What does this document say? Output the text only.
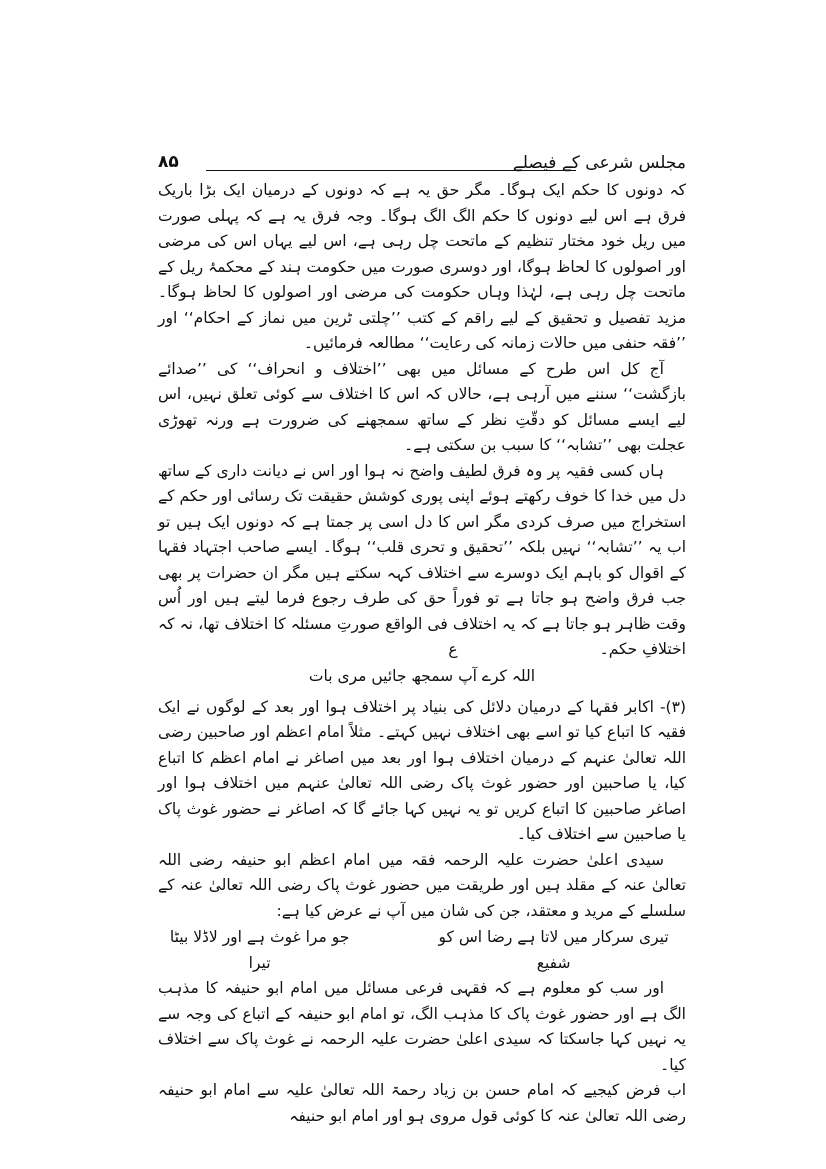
مجلس شرعی کے فیصلے
۸۵

کہ دونوں کا حکم ایک ہوگا۔ مگر حق یہ ہے کہ دونوں کے درمیان ایک بڑا باریک فرق ہے اس لیے دونوں کا حکم الگ الگ ہوگا۔ وجہ فرق یہ ہے کہ پہلی صورت میں ریل خود مختار تنظیم کے ماتحت چل رہی ہے، اس لیے یہاں اس کی مرضی اور اصولوں کا لحاظ ہوگا، اور دوسری صورت میں حکومت ہند کے محکمۂ ریل کے ماتحت چل رہی ہے، لہٰذا وہاں حکومت کی مرضی اور اصولوں کا لحاظ ہوگا۔ مزید تفصیل و تحقیق کے لیے راقم کے کتب ’’چلتی ٹرین میں نماز کے احکام‘‘ اور ’’فقہ حنفی میں حالات زمانہ کی رعایت‘‘ مطالعہ فرمائیں۔

آج کل اس طرح کے مسائل میں بھی ’’اختلاف و انحراف‘‘ کی ’’صدائے بازگشت‘‘ سننے میں آرہی ہے، حالاں کہ اس کا اختلاف سے کوئی تعلق نہیں، اس لیے ایسے مسائل کو دقّتِ نظر کے ساتھ سمجھنے کی ضرورت ہے ورنہ تھوڑی عجلت بھی ’’تشابہ‘‘ کا سبب بن سکتی ہے۔

ہاں کسی فقیہ پر وہ فرق لطیف واضح نہ ہوا اور اس نے دیانت داری کے ساتھ دل میں خدا کا خوف رکھتے ہوئے اپنی پوری کوشش حقیقت تک رسائی اور حکم کے استخراج میں صرف کردی مگر اس کا دل اسی پر جمتا ہے کہ دونوں ایک ہیں تو اب یہ ’’تشابہ‘‘ نہیں بلکہ ’’تحقیق و تحری قلب‘‘ ہوگا۔ ایسے صاحب اجتہاد فقہا کے اقوال کو باہم ایک دوسرے سے اختلاف کہہ سکتے ہیں مگر ان حضرات پر بھی جب فرق واضح ہو جاتا ہے تو فوراً حق کی طرف رجوع فرما لیتے ہیں اور اُس وقت ظاہر ہو جاتا ہے کہ یہ اختلاف فی الواقع صورتِ مسئلہ کا اختلاف تھا، نہ کہ اختلافِ حکم۔ع

اللہ کرے آپ سمجھ جائیں مری بات

(۳)- اکابر فقہا کے درمیان دلائل کی بنیاد پر اختلاف ہوا اور بعد کے لوگوں نے ایک فقیہ کا اتباع کیا تو اسے بھی اختلاف نہیں کہتے۔ مثلاً امام اعظم اور صاحبین رضی اللہ تعالیٰ عنہم کے درمیان اختلاف ہوا اور بعد میں اصاغر نے امام اعظم کا اتباع کیا، یا صاحبین اور حضور غوث پاک رضی اللہ تعالیٰ عنہم میں اختلاف ہوا اور اصاغر صاحبین کا اتباع کریں تو یہ نہیں کہا جائے گا کہ اصاغر نے حضور غوث پاک یا صاحبین سے اختلاف کیا۔

سیدی اعلیٰ حضرت علیہ الرحمہ فقہ میں امام اعظم ابو حنیفہ رضی اللہ تعالیٰ عنہ کے مقلد ہیں اور طریقت میں حضور غوث پاک رضی اللہ تعالیٰ عنہ کے سلسلے کے مرید و معتقد، جن کی شان میں آپ نے عرض کیا ہے:

تیری سرکار میں لاتا ہے رضا اس کو شفیع
جو مرا غوث ہے اور لاڈلا بیٹا تیرا

اور سب کو معلوم ہے کہ فقہی فرعی مسائل میں امام ابو حنیفہ کا مذہب الگ ہے اور حضور غوث پاک کا مذہب الگ، تو امام ابو حنیفہ کے اتباع کی وجہ سے یہ نہیں کہا جاسکتا کہ سیدی اعلیٰ حضرت علیہ الرحمہ نے غوث پاک سے اختلاف کیا۔

اب فرض کیجیے کہ امام حسن بن زیاد رحمۃ اللہ تعالیٰ علیہ سے امام ابو حنیفہ رضی اللہ تعالیٰ عنہ کا کوئی قول مروی ہو اور امام ابو حنیفہ
